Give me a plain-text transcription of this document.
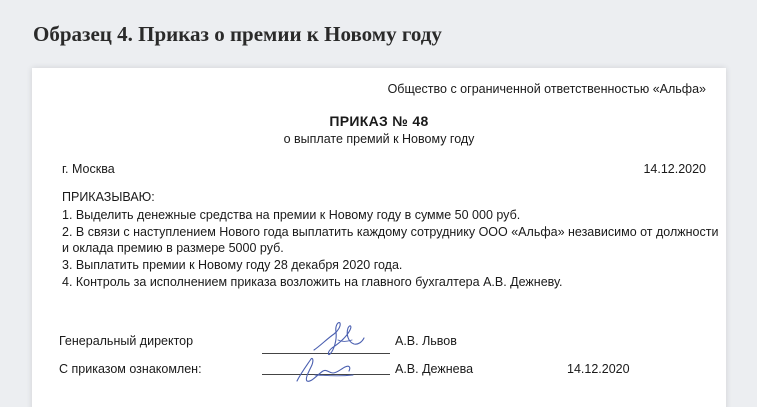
Образец 4. Приказ о премии к Новому году
Общество с ограниченной ответственностью «Альфа»
ПРИКАЗ № 48
о выплате премий к Новому году
г. Москва	14.12.2020
ПРИКАЗЫВАЮ:
1. Выделить денежные средства на премии к Новому году в сумме 50 000 руб.
2. В связи с наступлением Нового года выплатить каждому сотруднику ООО «Альфа» независимо от должности
и оклада премию в размере 5000 руб.
3. Выплатить премии к Новому году 28 декабря 2020 года.
4. Контроль за исполнением приказа возложить на главного бухгалтера А.В. Дежневу.
Генеральный директор	А.В. Львов
С приказом ознакомлен:	А.В. Дежнева	14.12.2020
